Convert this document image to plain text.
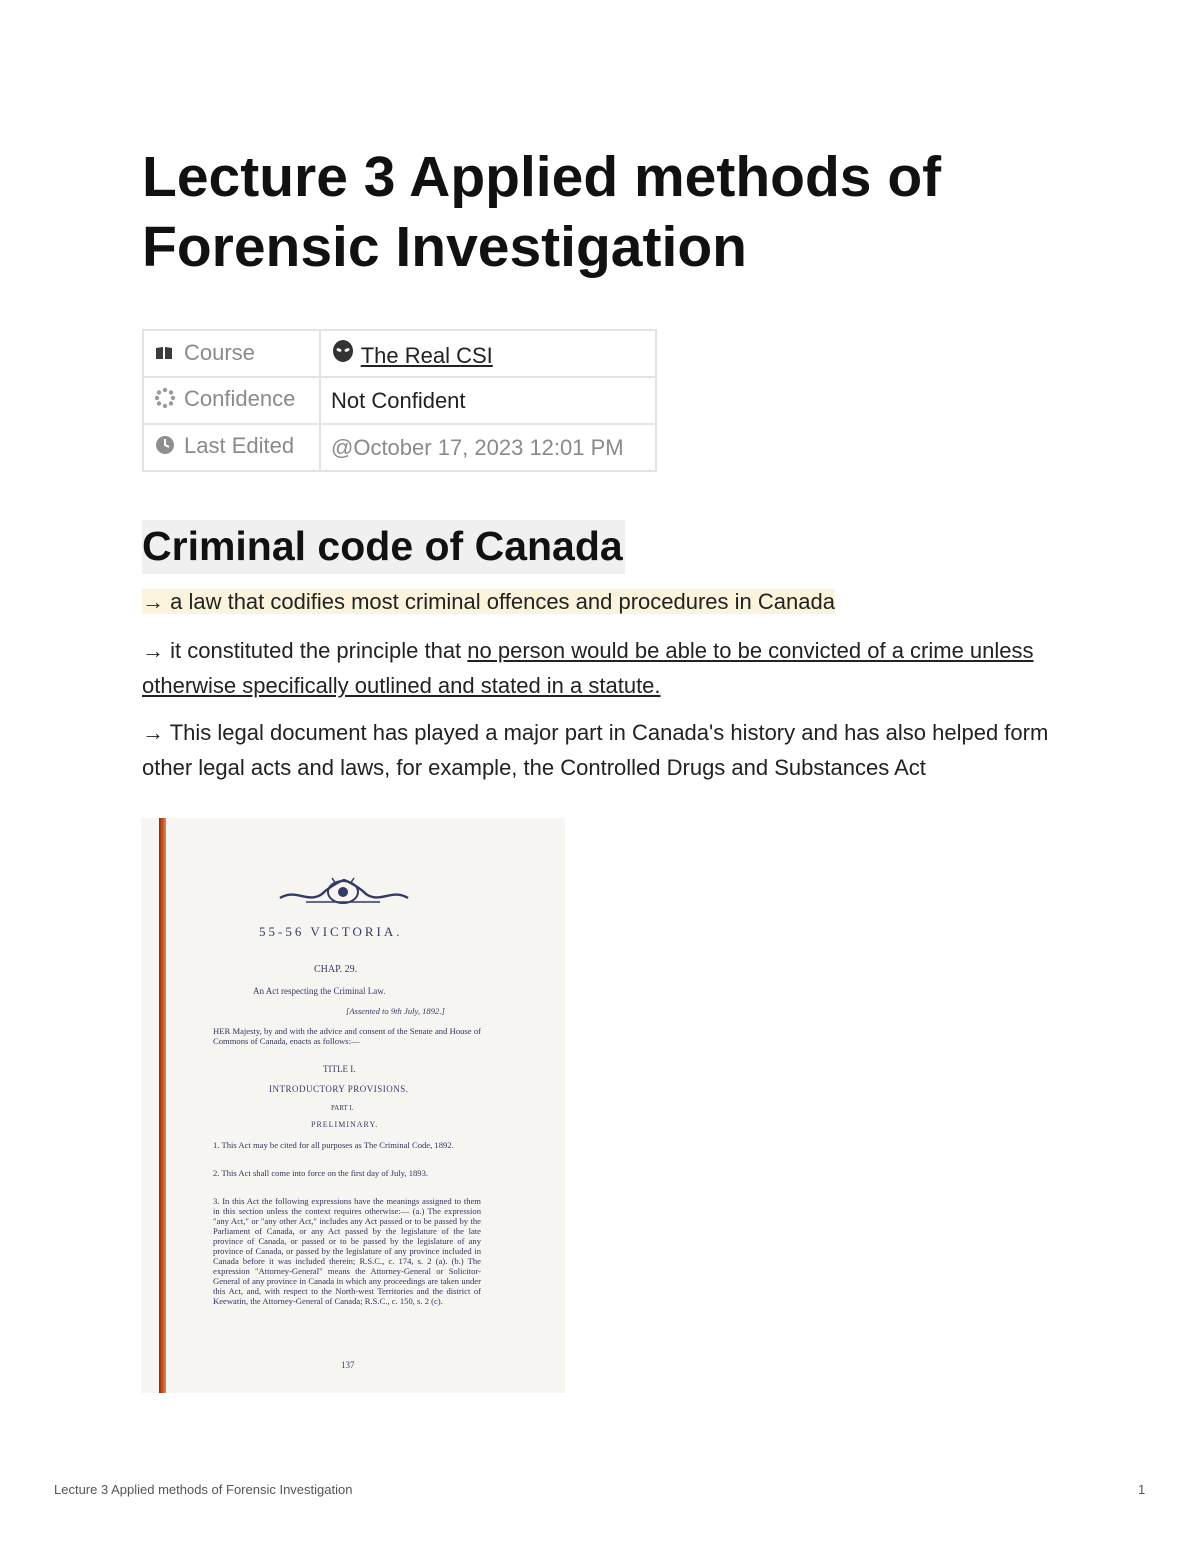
Lecture 3 Applied methods of Forensic Investigation
Course	The Real CSI
Confidence	Not Confident
Last Edited	@October 17, 2023 12:01 PM
Criminal code of Canada

→ a law that codifies most criminal offences and procedures in Canada

→ it constituted the principle that no person would be able to be convicted of a crime unless otherwise specifically outlined and stated in a statute.

→ This legal document has played a major part in Canada's history and has also helped form other legal acts and laws, for example, the Controlled Drugs and Substances Act

55-56 VICTORIA.
CHAP. 29.
An Act respecting the Criminal Law.
[Assented to 9th July, 1892.]
HER Majesty, by and with the advice and consent of the Senate and House of Commons of Canada, enacts as follows:—
TITLE I.
INTRODUCTORY PROVISIONS.
PART I.
PRELIMINARY.
1. This Act may be cited for all purposes as The Criminal Code, 1892.
2. This Act shall come into force on the first day of July, 1893.
3. In this Act the following expressions have the meanings assigned to them in this section unless the context requires otherwise:— (a.) The expression "any Act," or "any other Act," includes any Act passed or to be passed by the Parliament of Canada, or any Act passed by the legislature of the late province of Canada, or passed or to be passed by the legislature of any province of Canada, or passed by the legislature of any province included in Canada before it was included therein; R.S.C., c. 174, s. 2 (a). (b.) The expression "Attorney-General" means the Attorney-General or Solicitor-General of any province in Canada in which any proceedings are taken under this Act, and, with respect to the North-west Territories and the district of Keewatin, the Attorney-General of Canada; R.S.C., c. 150, s. 2 (c).
137
Lecture 3 Applied methods of Forensic Investigation	1
